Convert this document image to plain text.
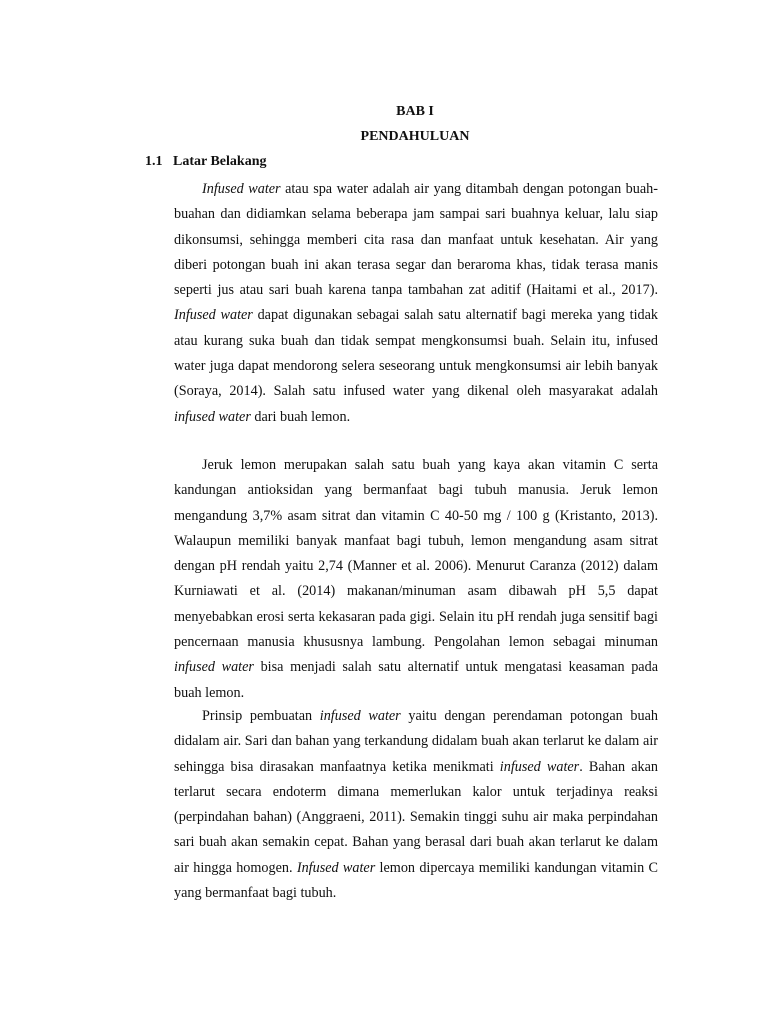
BAB I
PENDAHULUAN
1.1 Latar Belakang

Infused water atau spa water adalah air yang ditambah dengan potongan buah-buahan dan didiamkan selama beberapa jam sampai sari buahnya keluar, lalu siap dikonsumsi, sehingga memberi cita rasa dan manfaat untuk kesehatan. Air yang diberi potongan buah ini akan terasa segar dan beraroma khas, tidak terasa manis seperti jus atau sari buah karena tanpa tambahan zat aditif (Haitami et al., 2017). Infused water dapat digunakan sebagai salah satu alternatif bagi mereka yang tidak atau kurang suka buah dan tidak sempat mengkonsumsi buah. Selain itu, infused water juga dapat mendorong selera seseorang untuk mengkonsumsi air lebih banyak (Soraya, 2014). Salah satu infused water yang dikenal oleh masyarakat adalah infused water dari buah lemon.

Jeruk lemon merupakan salah satu buah yang kaya akan vitamin C serta kandungan antioksidan yang bermanfaat bagi tubuh manusia. Jeruk lemon mengandung 3,7% asam sitrat dan vitamin C 40-50 mg / 100 g (Kristanto, 2013). Walaupun memiliki banyak manfaat bagi tubuh, lemon mengandung asam sitrat dengan pH rendah yaitu 2,74 (Manner et al. 2006). Menurut Caranza (2012) dalam Kurniawati et al. (2014) makanan/minuman asam dibawah pH 5,5 dapat menyebabkan erosi serta kekasaran pada gigi. Selain itu pH rendah juga sensitif bagi pencernaan manusia khususnya lambung. Pengolahan lemon sebagai minuman infused water bisa menjadi salah satu alternatif untuk mengatasi keasaman pada buah lemon.

Prinsip pembuatan infused water yaitu dengan perendaman potongan buah didalam air. Sari dan bahan yang terkandung didalam buah akan terlarut ke dalam air sehingga bisa dirasakan manfaatnya ketika menikmati infused water. Bahan akan terlarut secara endoterm dimana memerlukan kalor untuk terjadinya reaksi (perpindahan bahan) (Anggraeni, 2011). Semakin tinggi suhu air maka perpindahan sari buah akan semakin cepat. Bahan yang berasal dari buah akan terlarut ke dalam air hingga homogen. Infused water lemon dipercaya memiliki kandungan vitamin C yang bermanfaat bagi tubuh.
